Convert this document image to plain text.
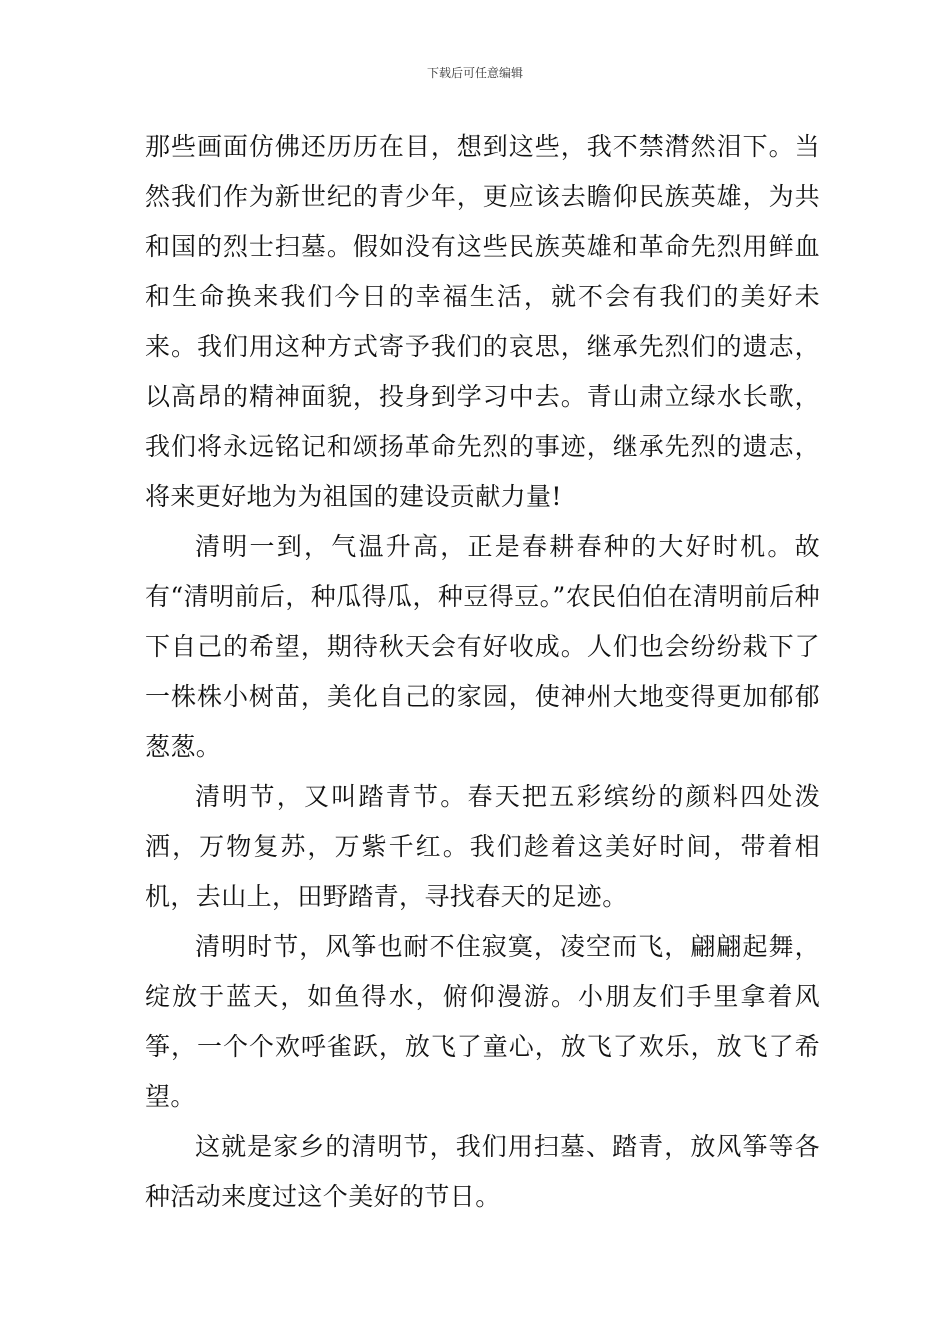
下载后可任意编辑

那些画面仿佛还历历在目，想到这些，我不禁潸然泪下。当然我们作为新世纪的青少年，更应该去瞻仰民族英雄，为共和国的烈士扫墓。假如没有这些民族英雄和革命先烈用鲜血和生命换来我们今日的幸福生活，就不会有我们的美好未来。我们用这种方式寄予我们的哀思，继承先烈们的遗志，以高昂的精神面貌，投身到学习中去。青山肃立绿水长歌，我们将永远铭记和颂扬革命先烈的事迹，继承先烈的遗志，将来更好地为为祖国的建设贡献力量!

清明一到，气温升高，正是春耕春种的大好时机。故有“清明前后，种瓜得瓜，种豆得豆。”农民伯伯在清明前后种下自己的希望，期待秋天会有好收成。人们也会纷纷栽下了一株株小树苗，美化自己的家园，使神州大地变得更加郁郁葱葱。

清明节，又叫踏青节。春天把五彩缤纷的颜料四处泼洒，万物复苏，万紫千红。我们趁着这美好时间，带着相机，去山上，田野踏青，寻找春天的足迹。

清明时节，风筝也耐不住寂寞，凌空而飞，翩翩起舞，绽放于蓝天，如鱼得水，俯仰漫游。小朋友们手里拿着风筝，一个个欢呼雀跃，放飞了童心，放飞了欢乐，放飞了希望。

这就是家乡的清明节，我们用扫墓、踏青，放风筝等各种活动来度过这个美好的节日。
